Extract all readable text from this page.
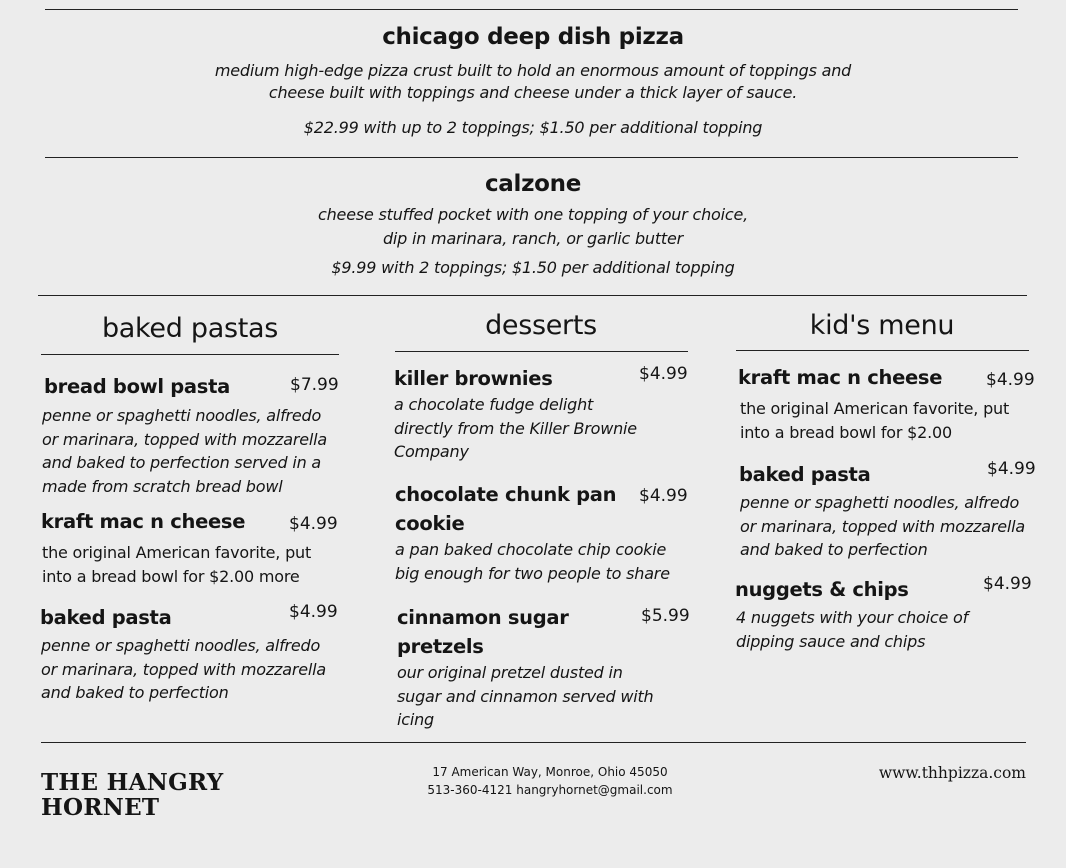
chicago deep dish pizza
medium high-edge pizza crust built to hold an enormous amount of toppings and
cheese built with toppings and cheese under a thick layer of sauce.
$22.99 with up to 2 toppings; $1.50 per additional topping
calzone
cheese stuffed pocket with one topping of your choice,
dip in marinara, ranch, or garlic butter
$9.99 with 2 toppings; $1.50 per additional topping
baked pastas
bread bowl pasta	$7.99
penne or spaghetti noodles, alfredo or marinara, topped with mozzarella and baked to perfection served in a made from scratch bread bowl
kraft mac n cheese	$4.99
the original American favorite, put into a bread bowl for $2.00 more
baked pasta	$4.99
penne or spaghetti noodles, alfredo or marinara, topped with mozzarella and baked to perfection
desserts
killer brownies	$4.99
a chocolate fudge delight directly from the Killer Brownie Company
chocolate chunk pan cookie
$4.99
a pan baked chocolate chip cookie big enough for two people to share
cinnamon sugar pretzels
$5.99
our original pretzel dusted in sugar and cinnamon served with icing
kid's menu
kraft mac n cheese	$4.99
the original American favorite, put into a bread bowl for $2.00
baked pasta	$4.99
penne or spaghetti noodles, alfredo or marinara, topped with mozzarella and baked to perfection
nuggets & chips	$4.99
4 nuggets with your choice of dipping sauce and chips
THE HANGRY
HORNET
17 American Way, Monroe, Ohio 45050
513-360-4121 hangryhornet@gmail.com
www.thhpizza.com
